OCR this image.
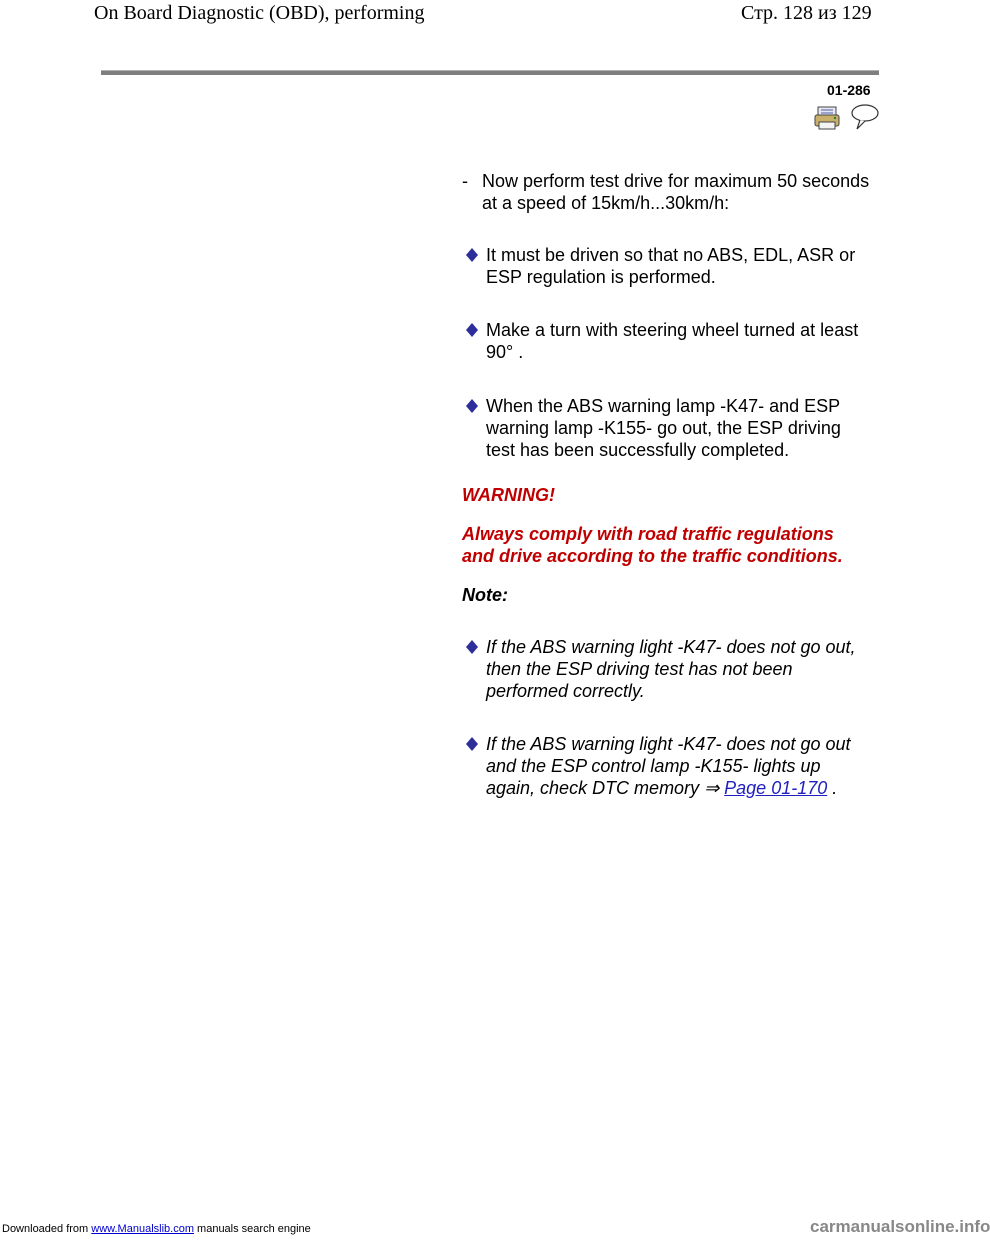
On Board Diagnostic (OBD), performing	Стр. 128 из 129
01-286
- Now perform test drive for maximum 50 seconds
at a speed of 15km/h...30km/h:
It must be driven so that no ABS, EDL, ASR or
ESP regulation is performed.
Make a turn with steering wheel turned at least
90° .
When the ABS warning lamp -K47- and ESP
warning lamp -K155- go out, the ESP driving
test has been successfully completed.
WARNING!
Always comply with road traffic regulations
and drive according to the traffic conditions.
Note:
If the ABS warning light -K47- does not go out,
then the ESP driving test has not been
performed correctly.
If the ABS warning light -K47- does not go out
and the ESP control lamp -K155- lights up
again, check DTC memory ⇒ Page 01-170 .
Downloaded from www.Manualslib.com manuals search engine	carmanualsonline.info
